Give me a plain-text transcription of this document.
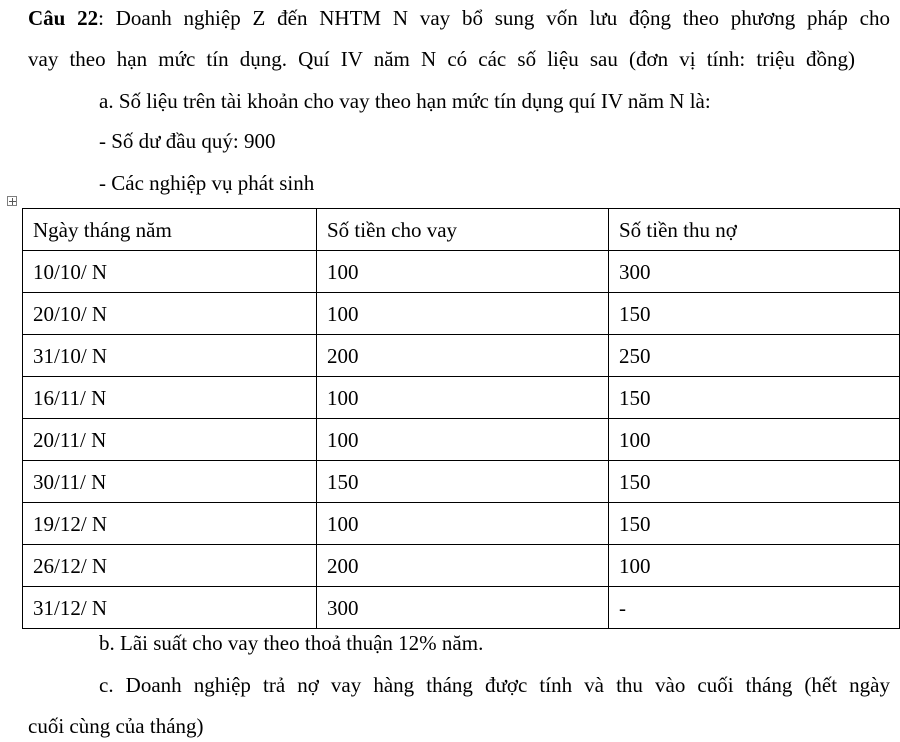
Câu 22: Doanh nghiệp Z đến NHTM N vay bổ sung vốn lưu động theo phương pháp cho
vay theo hạn mức tín dụng. Quí IV năm N có các số liệu sau (đơn vị tính: triệu đồng)
a. Số liệu trên tài khoản cho vay theo hạn mức tín dụng quí IV năm N là:
- Số dư đầu quý: 900
- Các nghiệp vụ phát sinh
Ngày tháng năm	Số tiền cho vay	Số tiền thu nợ
10/10/ N	100	300
20/10/ N	100	150
31/10/ N	200	250
16/11/ N	100	150
20/11/ N	100	100
30/11/ N	150	150
19/12/ N	100	150
26/12/ N	200	100
31/12/ N	300	-
b. Lãi suất cho vay theo thoả thuận 12% năm.
c. Doanh nghiệp trả nợ vay hàng tháng được tính và thu vào cuối tháng (hết ngày
cuối cùng của tháng)
